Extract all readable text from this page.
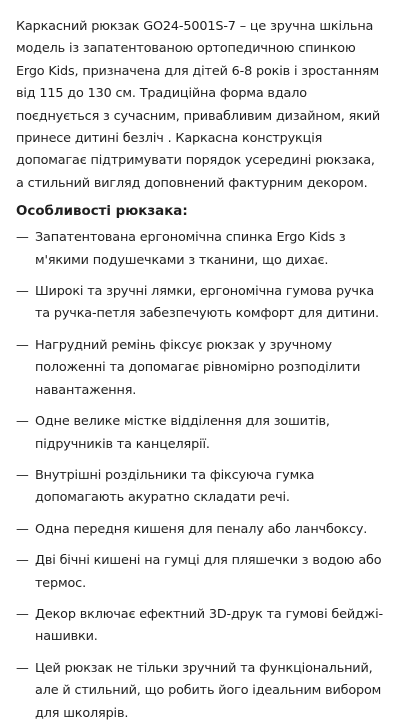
Каркасний рюкзак GO24-5001S-7 – це зручна шкільна модель із запатентованою ортопедичною спинкою Ergo Kids, призначена для дітей 6-8 років і зростанням від 115 до 130 см. Традиційна форма вдало поєднується з сучасним, привабливим дизайном, який принесе дитині безліч . Каркасна конструкція допомагає підтримувати порядок усередині рюкзака, а стильний вигляд доповнений фактурним декором.

Особливості рюкзака:
— Запатентована ергономічна спинка Ergo Kids з м'якими подушечками з тканини, що дихає.
— Широкі та зручні лямки, ергономічна гумова ручка та ручка-петля забезпечують комфорт для дитини.
— Нагрудний ремінь фіксує рюкзак у зручному положенні та допомагає рівномірно розподілити навантаження.
— Одне велике містке відділення для зошитів, підручників та канцелярії.
— Внутрішні роздільники та фіксуюча гумка допомагають акуратно складати речі.
— Одна передня кишеня для пеналу або ланчбоксу.
— Дві бічні кишені на гумці для пляшечки з водою або термос.
— Декор включає ефектний 3D-друк та гумові бейджі-нашивки.
— Цей рюкзак не тільки зручний та функціональний, але й стильний, що робить його ідеальним вибором для школярів.
